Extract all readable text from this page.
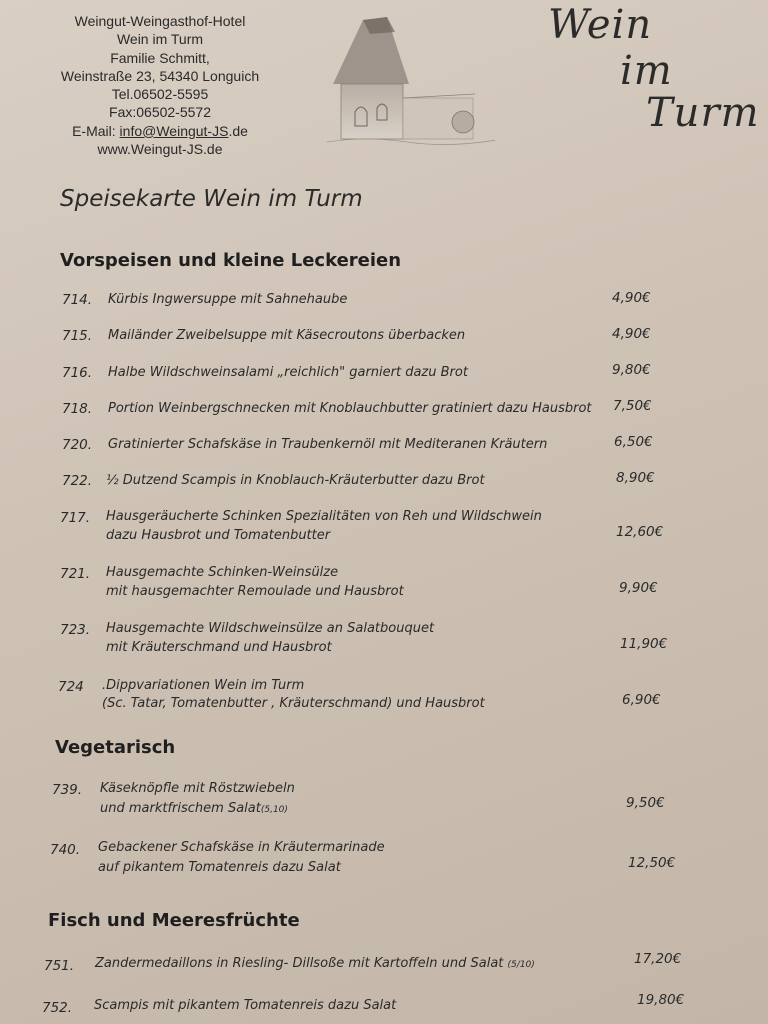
Weingut-Weingasthof-Hotel
Wein im Turm
Familie Schmitt,
Weinstraße 23, 54340 Longuich
Tel.06502-5595
Fax:06502-5572
E-Mail: info@Weingut-JS.de
www.Weingut-JS.de
Wein
im
Turm
Speisekarte Wein im Turm
Vorspeisen und kleine Leckereien
714. Kürbis Ingwersuppe mit Sahnehaube	4,90€
715. Mailänder Zweibelsuppe mit Käsecroutons überbacken	4,90€
716. Halbe Wildschweinsalami „reichlich" garniert dazu Brot	9,80€
718. Portion Weinbergschnecken mit Knoblauchbutter gratiniert dazu Hausbrot 7,50€
720. Gratinierter Schafskäse in Traubenkernöl mit Mediteranen Kräutern	6,50€
722. ½ Dutzend Scampis in Knoblauch-Kräuterbutter dazu Brot	8,90€
717. Hausgeräucherte Schinken Spezialitäten von Reh und Wildschwein
dazu Hausbrot und Tomatenbutter	12,60€
721. Hausgemachte Schinken-Weinsülze
mit hausgemachter Remoulade und Hausbrot	9,90€
723. Hausgemachte Wildschweinsülze an Salatbouquet
mit Kräuterschmand und Hausbrot	11,90€
724 .Dippvariationen Wein im Turm
(Sc. Tatar, Tomatenbutter , Kräuterschmand) und Hausbrot	6,90€
Vegetarisch
739. Käseknöpfle mit Röstzwiebeln
und marktfrischem Salat(5,10)	9,50€
740. Gebackener Schafskäse in Kräutermarinade
auf pikantem Tomatenreis dazu Salat	12,50€
Fisch und Meeresfrüchte
751. Zandermedaillons in Riesling- Dillsoße mit Kartoffeln und Salat (5/10)	17,20€
752. Scampis mit pikantem Tomatenreis dazu Salat	19,80€
